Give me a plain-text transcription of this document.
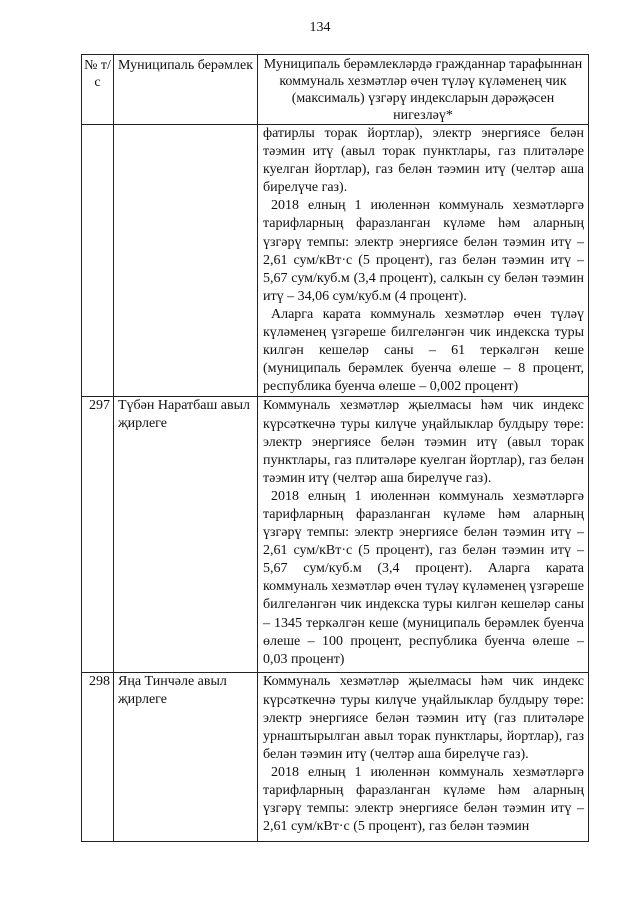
134
№ т/с	Муниципаль берәмлек	Муниципаль берәмлекләрдә гражданнар тарафыннан коммуналь хезмәтләр өчен түләү күләменең чик (максималь) үзгәрү индексларын дәрәҗәсен нигезләү*

		фатирлы торак йортлар), электр энергиясе белән тәэмин итү (авыл торак пунктлары, газ плитәләре куелган йортлар), газ белән тәэмин итү (челтәр аша бирелүче газ).

2018 елның 1 июленнән коммуналь хезмәтләргә тарифларның фаразланган күләме һәм аларның үзгәрү темпы: электр энергиясе белән тәэмин итү – 2,61 сум/кВт·с (5 процент), газ белән тәэмин итү – 5,67 сум/куб.м (3,4 процент), салкын су белән тәэмин итү – 34,06 сум/куб.м (4 процент).

Аларга карата коммуналь хезмәтләр өчен түләү күләменең үзгәреше билгеләнгән чик индекска туры килгән кешеләр саны – 61 теркәлгән кеше (муниципаль берәмлек буенча өлеше – 8 процент, республика буенча өлеше – 0,002 процент)

297	Түбән Наратбаш авыл җирлеге	Коммуналь хезмәтләр җыелмасы һәм чик индекс күрсәткечнә туры килүче уңайлыклар булдыру төре: электр энергиясе белән тәэмин итү (авыл торак пунктлары, газ плитәләре куелган йортлар), газ белән тәэмин итү (челтәр аша бирелүче газ).

2018 елның 1 июленнән коммуналь хезмәтләргә тарифларның фаразланган күләме һәм аларның үзгәрү темпы: электр энергиясе белән тәэмин итү – 2,61 сум/кВт·с (5 процент), газ белән тәэмин итү – 5,67 сум/куб.м (3,4 процент). Аларга карата коммуналь хезмәтләр өчен түләү күләменең үзгәреше билгеләнгән чик индекска туры килгән кешеләр саны – 1345 теркәлгән кеше (муниципаль берәмлек буенча өлеше – 100 процент, республика буенча өлеше – 0,03 процент)

298	Яңа Тинчәле авыл җирлеге	Коммуналь хезмәтләр җыелмасы һәм чик индекс күрсәткечнә туры килүче уңайлыклар булдыру төре: электр энергиясе белән тәэмин итү (газ плитәләре урнаштырылган авыл торак пунктлары, йортлар), газ белән тәэмин итү (челтәр аша бирелүче газ).

2018 елның 1 июленнән коммуналь хезмәтләргә тарифларның фаразланган күләме һәм аларның үзгәрү темпы: электр энергиясе белән тәэмин итү – 2,61 сум/кВт·с (5 процент), газ белән тәэмин
